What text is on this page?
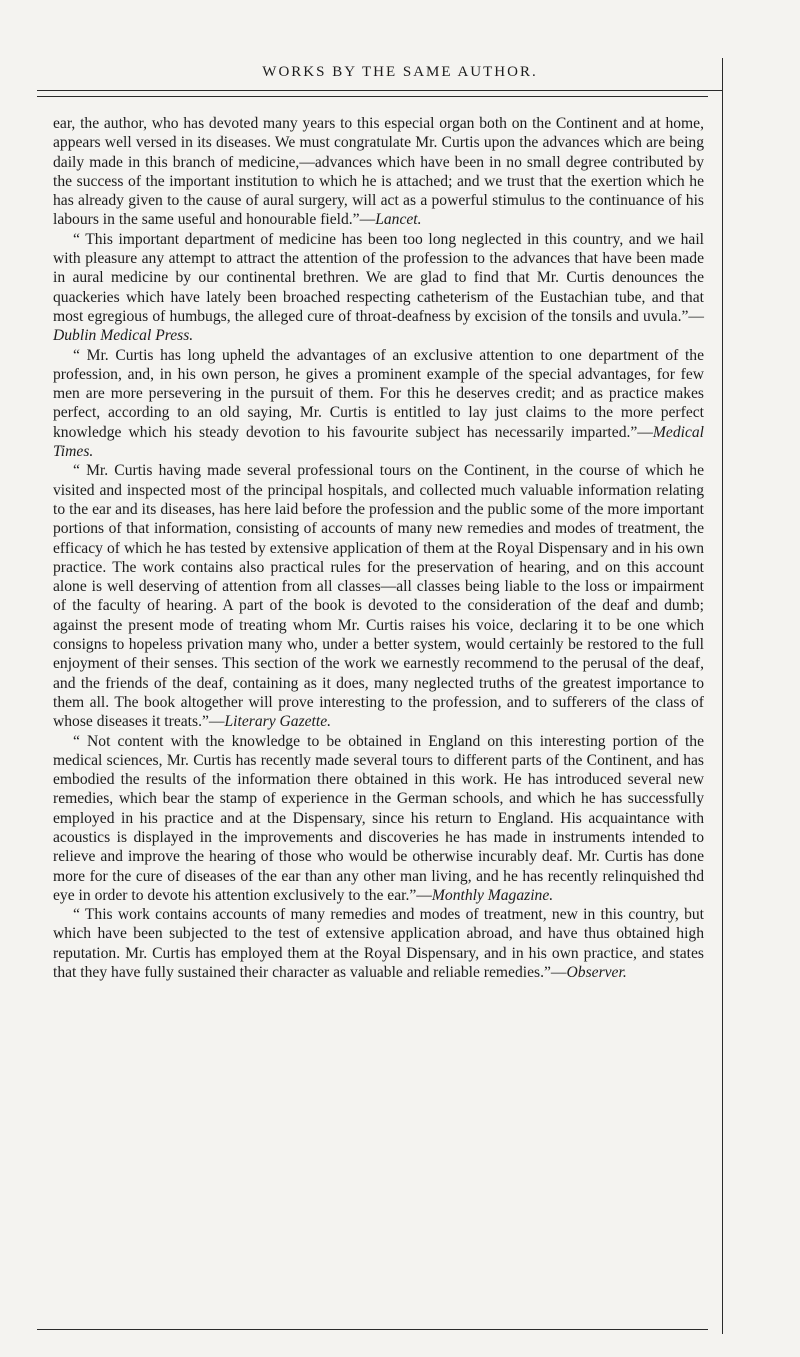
WORKS BY THE SAME AUTHOR.

ear, the author, who has devoted many years to this especial organ both on the Continent and at home, appears well versed in its diseases. We must congratulate Mr. Curtis upon the advances which are being daily made in this branch of medicine,—advances which have been in no small degree contributed by the success of the important institution to which he is attached; and we trust that the exertion which he has already given to the cause of aural surgery, will act as a powerful stimulus to the continuance of his labours in the same useful and honourable field.”—Lancet.

“ This important department of medicine has been too long neglected in this country, and we hail with pleasure any attempt to attract the attention of the profession to the advances that have been made in aural medicine by our continental brethren. We are glad to find that Mr. Curtis denounces the quackeries which have lately been broached respecting catheterism of the Eustachian tube, and that most egregious of humbugs, the alleged cure of throat-deafness by excision of the tonsils and uvula.”—Dublin Medical Press.

“ Mr. Curtis has long upheld the advantages of an exclusive attention to one department of the profession, and, in his own person, he gives a prominent example of the special advantages, for few men are more persevering in the pursuit of them. For this he deserves credit; and as practice makes perfect, according to an old saying, Mr. Curtis is entitled to lay just claims to the more perfect knowledge which his steady devotion to his favourite subject has necessarily imparted.”—Medical Times.

“ Mr. Curtis having made several professional tours on the Continent, in the course of which he visited and inspected most of the principal hospitals, and collected much valuable information relating to the ear and its diseases, has here laid before the profession and the public some of the more important portions of that information, consisting of accounts of many new remedies and modes of treatment, the efficacy of which he has tested by extensive application of them at the Royal Dispensary and in his own practice. The work contains also practical rules for the preservation of hearing, and on this account alone is well deserving of attention from all classes—all classes being liable to the loss or impairment of the faculty of hearing. A part of the book is devoted to the consideration of the deaf and dumb; against the present mode of treating whom Mr. Curtis raises his voice, declaring it to be one which consigns to hopeless privation many who, under a better system, would certainly be restored to the full enjoyment of their senses. This section of the work we earnestly recommend to the perusal of the deaf, and the friends of the deaf, containing as it does, many neglected truths of the greatest importance to them all. The book altogether will prove interesting to the profession, and to sufferers of the class of whose diseases it treats.”—Literary Gazette.

“ Not content with the knowledge to be obtained in England on this interesting portion of the medical sciences, Mr. Curtis has recently made several tours to different parts of the Continent, and has embodied the results of the information there obtained in this work. He has introduced several new remedies, which bear the stamp of experience in the German schools, and which he has successfully employed in his practice and at the Dispensary, since his return to England. His acquaintance with acoustics is displayed in the improvements and discoveries he has made in instruments intended to relieve and improve the hearing of those who would be otherwise incurably deaf. Mr. Curtis has done more for the cure of diseases of the ear than any other man living, and he has recently relinquished thd eye in order to devote his attention exclusively to the ear.”—Monthly Magazine.

“ This work contains accounts of many remedies and modes of treatment, new in this country, but which have been subjected to the test of extensive application abroad, and have thus obtained high reputation. Mr. Curtis has employed them at the Royal Dispensary, and in his own practice, and states that they have fully sustained their character as valuable and reliable remedies.”—Observer.
